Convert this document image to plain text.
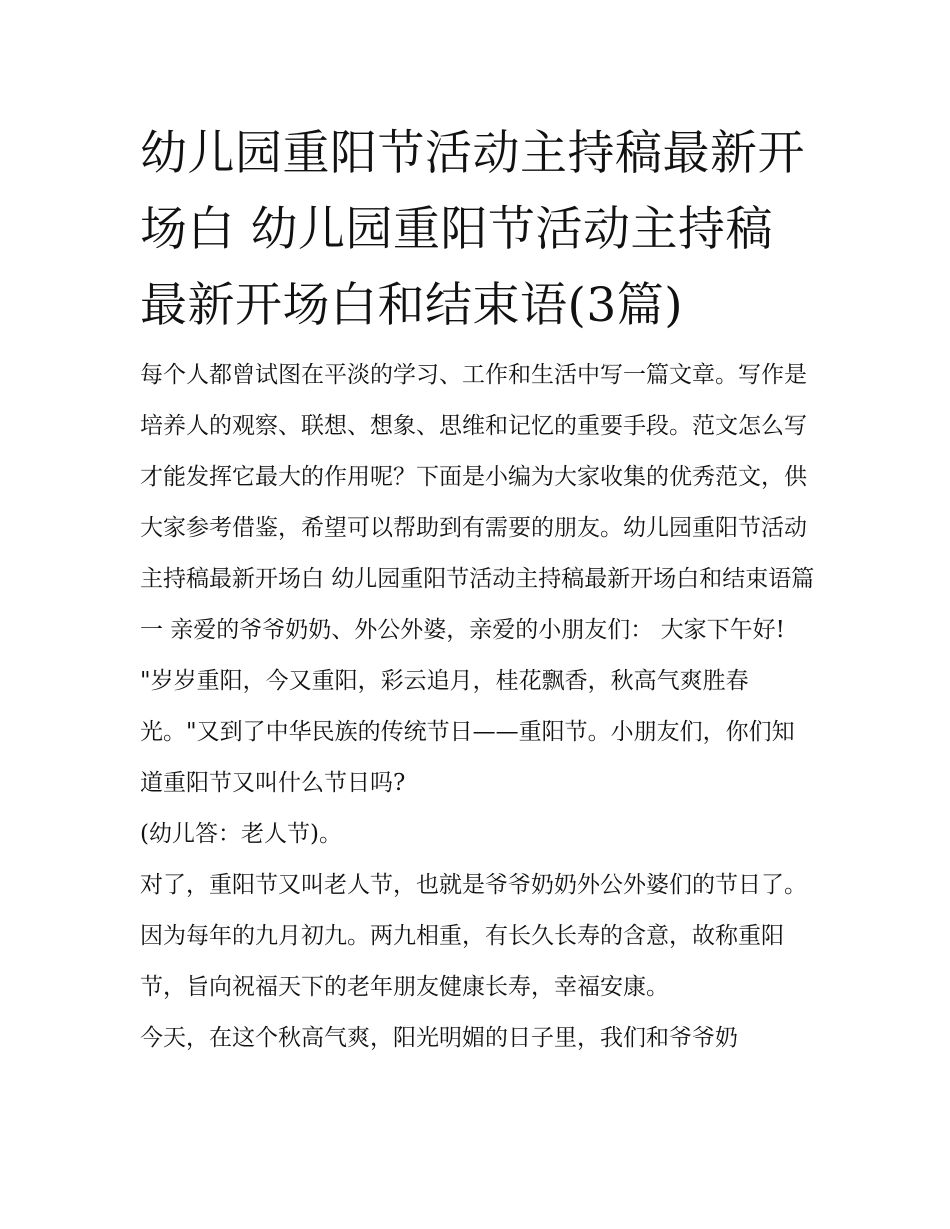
幼儿园重阳节活动主持稿最新开场白 幼儿园重阳节活动主持稿最新开场白和结束语(3篇)

每个人都曾试图在平淡的学习、工作和生活中写一篇文章。写作是培养人的观察、联想、想象、思维和记忆的重要手段。范文怎么写才能发挥它最大的作用呢？下面是小编为大家收集的优秀范文，供大家参考借鉴，希望可以帮助到有需要的朋友。幼儿园重阳节活动主持稿最新开场白 幼儿园重阳节活动主持稿最新开场白和结束语篇一 亲爱的爷爷奶奶、外公外婆，亲爱的小朋友们： 大家下午好!

"岁岁重阳，今又重阳，彩云追月，桂花飘香，秋高气爽胜春光。"又到了中华民族的传统节日——重阳节。小朋友们，你们知道重阳节又叫什么节日吗?

(幼儿答：老人节)。

对了，重阳节又叫老人节，也就是爷爷奶奶外公外婆们的节日了。因为每年的九月初九。两九相重，有长久长寿的含意，故称重阳节，旨向祝福天下的老年朋友健康长寿，幸福安康。

今天，在这个秋高气爽，阳光明媚的日子里，我们和爷爷奶
